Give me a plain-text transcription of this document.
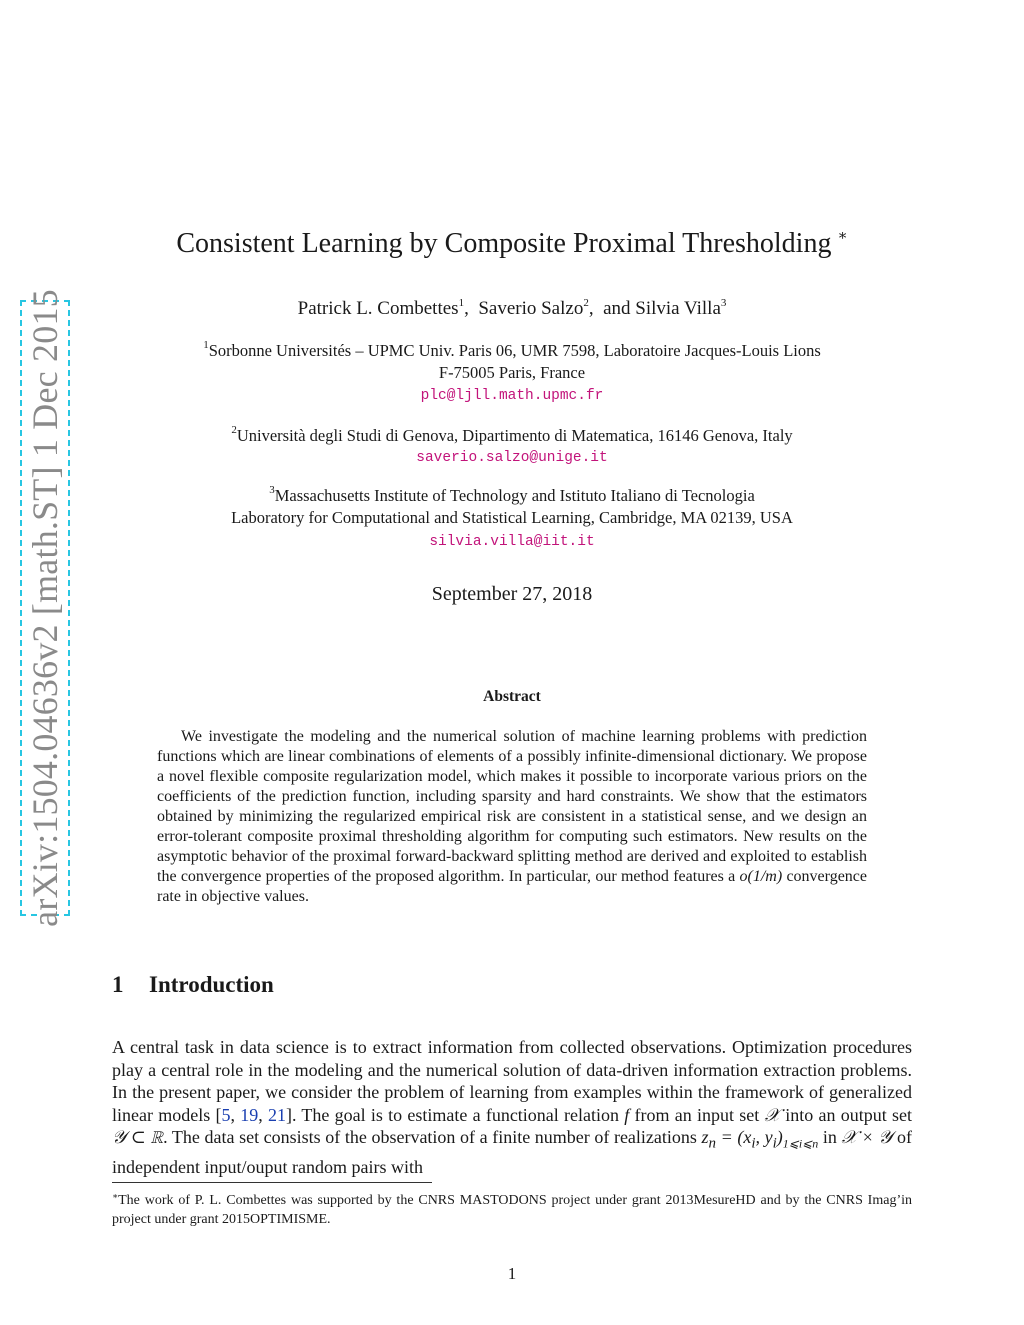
arXiv:1504.04636v2 [math.ST] 1 Dec 2015
Consistent Learning by Composite Proximal Thresholding ∗
Patrick L. Combettes$^1$,  Saverio Salzo$^2$,  and Silvia Villa$^3$
$^1$Sorbonne Universités – UPMC Univ. Paris 06, UMR 7598, Laboratoire Jacques-Louis Lions
F-75005 Paris, France
plc@ljll.math.upmc.fr
$^2$Università degli Studi di Genova, Dipartimento di Matematica, 16146 Genova, Italy
saverio.salzo@unige.it
$^3$Massachusetts Institute of Technology and Istituto Italiano di Tecnologia
Laboratory for Computational and Statistical Learning, Cambridge, MA 02139, USA
silvia.villa@iit.it
September 27, 2018
Abstract
We investigate the modeling and the numerical solution of machine learning problems with prediction functions which are linear combinations of elements of a possibly infinite-dimensional dictionary. We propose a novel flexible composite regularization model, which makes it possible to incorporate various priors on the coefficients of the prediction function, including sparsity and hard constraints. We show that the estimators obtained by minimizing the regularized empirical risk are consistent in a statistical sense, and we design an error-tolerant composite proximal thresholding algorithm for computing such estimators. New results on the asymptotic behavior of the proximal forward-backward splitting method are derived and exploited to establish the convergence properties of the proposed algorithm. In particular, our method features a o(1/m) convergence rate in objective values.
1 Introduction
A central task in data science is to extract information from collected observations. Optimization procedures play a central role in the modeling and the numerical solution of data-driven information extraction problems. In the present paper, we consider the problem of learning from examples within the framework of generalized linear models [5, 19, 21]. The goal is to estimate a functional relation f from an input set 𝒳 into an output set 𝒴 ⊂ ℝ. The data set consists of the observation of a finite number of realizations $z_n = (x_i$, $y_i)_{1⩽i⩽n}$ in 𝒳 × 𝒴 of independent input/ouput random pairs with
∗The work of P. L. Combettes was supported by the CNRS MASTODONS project under grant 2013MesureHD and by the CNRS Imag’in project under grant 2015OPTIMISME.
1
